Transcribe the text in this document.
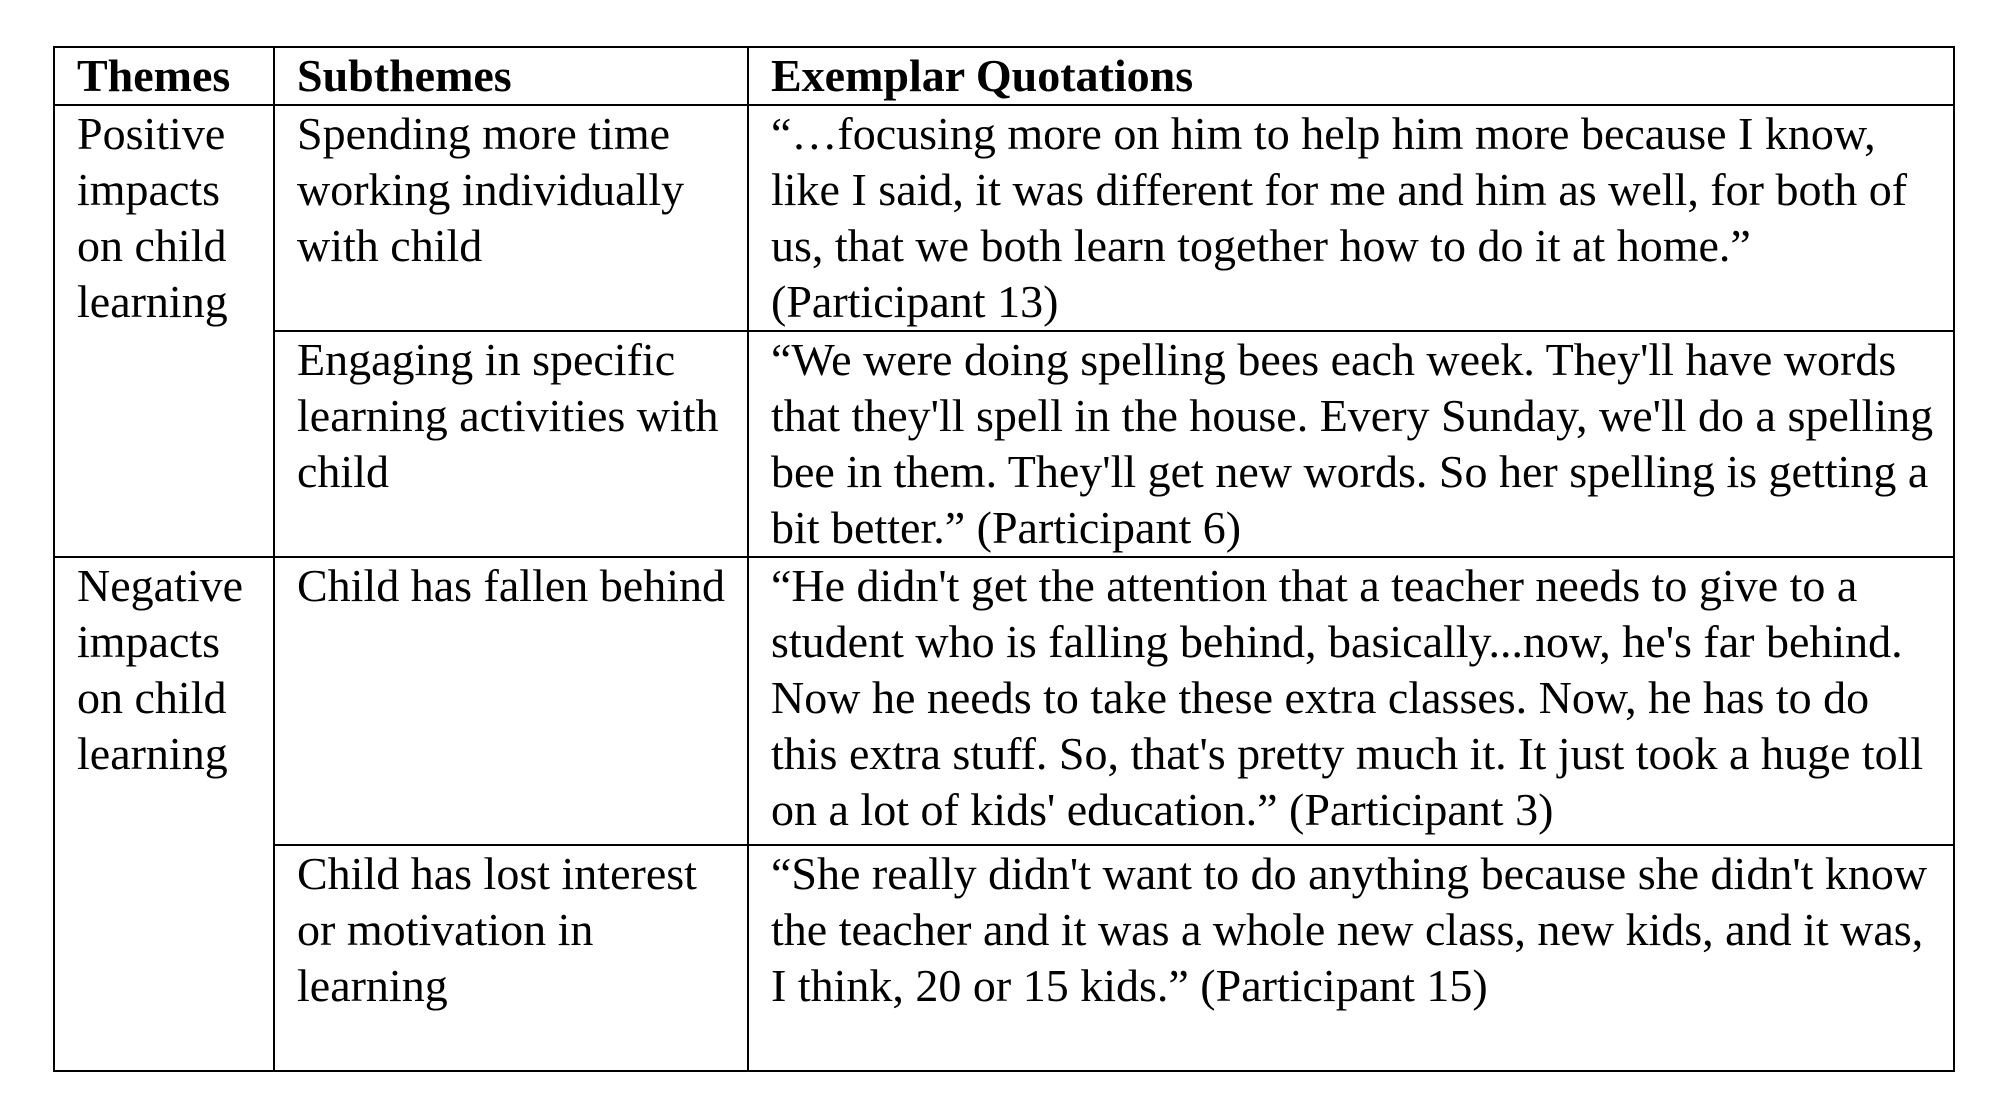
Themes	Subthemes	Exemplar Quotations
Positive impacts on child learning	Spending more time working individually with child	“…focusing more on him to help him more because I know, like I said, it was different for me and him as well, for both of us, that we both learn together how to do it at home.” (Participant 13)
	Engaging in specific learning activities with child	“We were doing spelling bees each week. They'll have words that they'll spell in the house. Every Sunday, we'll do a spelling bee in them. They'll get new words. So her spelling is getting a bit better.” (Participant 6)
Negative impacts on child learning	Child has fallen behind	“He didn't get the attention that a teacher needs to give to a student who is falling behind, basically...now, he's far behind. Now he needs to take these extra classes. Now, he has to do this extra stuff. So, that's pretty much it. It just took a huge toll on a lot of kids' education.” (Participant 3)
	Child has lost interest or motivation in learning	“She really didn't want to do anything because she didn't know the teacher and it was a whole new class, new kids, and it was, I think, 20 or 15 kids.” (Participant 15)
